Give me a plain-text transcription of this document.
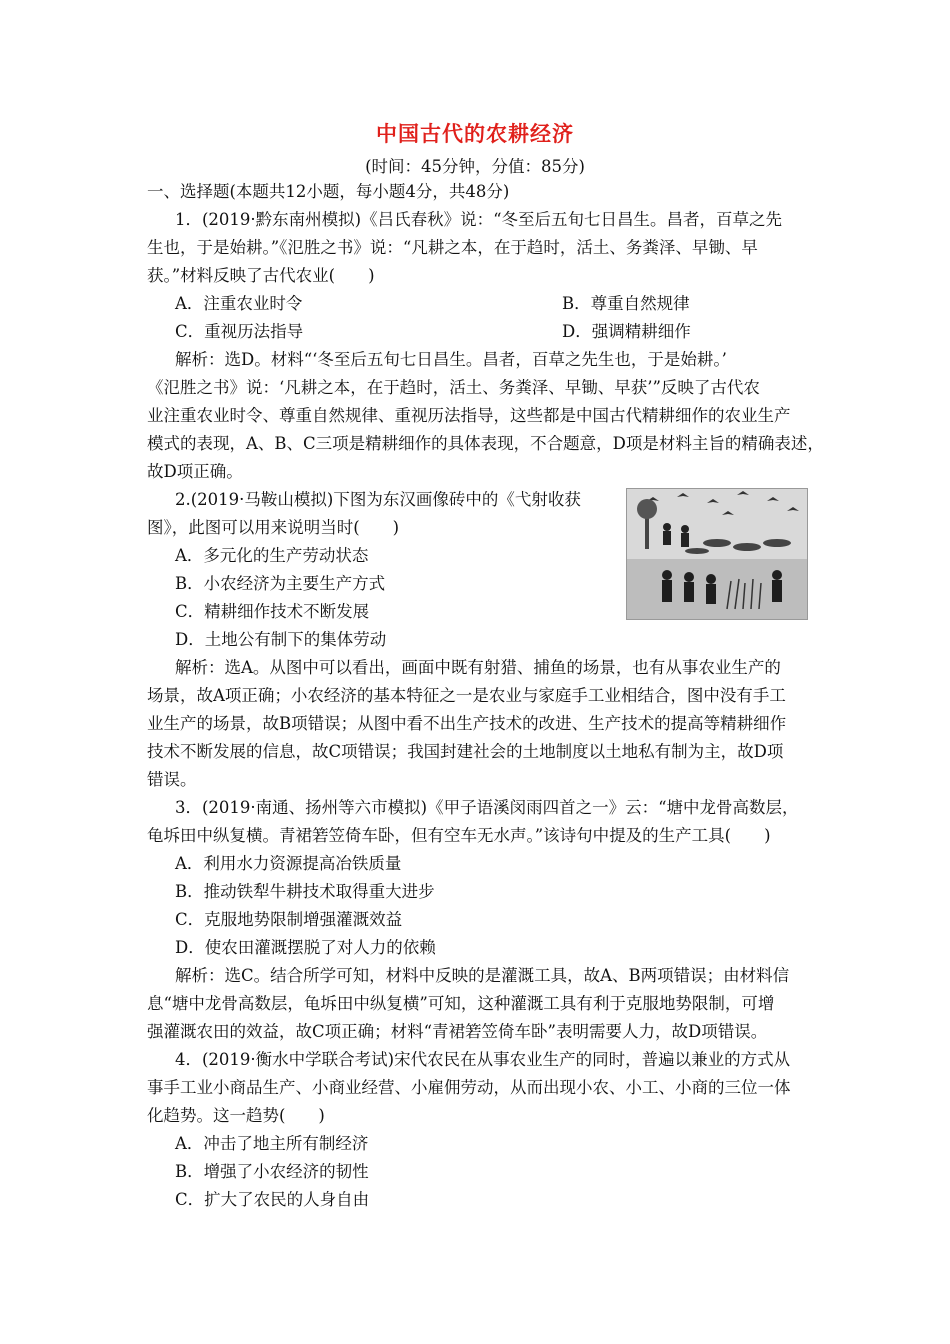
中国古代的农耕经济
(时间：45分钟，分值：85分)
一、选择题(本题共12小题，每小题4分，共48分)
1．(2019·黔东南州模拟)《吕氏春秋》说：“冬至后五旬七日昌生。昌者，百草之先
生也，于是始耕。”《氾胜之书》说：“凡耕之本，在于趋时，活土、务粪泽、早锄、早
获。”材料反映了古代农业(　　)
A．注重农业时令	B．尊重自然规律
C．重视历法指导	D．强调精耕细作
解析：选D。材料“‘冬至后五旬七日昌生。昌者，百草之先生也，于是始耕。’
《氾胜之书》说：‘凡耕之本，在于趋时，活土、务粪泽、早锄、早获’”反映了古代农
业注重农业时令、尊重自然规律、重视历法指导，这些都是中国古代精耕细作的农业生产
模式的表现，A、B、C三项是精耕细作的具体表现，不合题意，D项是材料主旨的精确表述，
故D项正确。
2.(2019·马鞍山模拟)下图为东汉画像砖中的《弋射收获
图》，此图可以用来说明当时(　　)
A．多元化的生产劳动状态
B．小农经济为主要生产方式
C．精耕细作技术不断发展
D．土地公有制下的集体劳动
解析：选A。从图中可以看出，画面中既有射猎、捕鱼的场景，也有从事农业生产的
场景，故A项正确；小农经济的基本特征之一是农业与家庭手工业相结合，图中没有手工
业生产的场景，故B项错误；从图中看不出生产技术的改进、生产技术的提高等精耕细作
技术不断发展的信息，故C项错误；我国封建社会的土地制度以土地私有制为主，故D项
错误。
3．(2019·南通、扬州等六市模拟)《甲子语溪闵雨四首之一》云：“塘中龙骨高数层，
龟坼田中纵复横。青裙箬笠倚车卧，但有空车无水声。”该诗句中提及的生产工具(　　)
A．利用水力资源提高冶铁质量
B．推动铁犁牛耕技术取得重大进步
C．克服地势限制增强灌溉效益
D．使农田灌溉摆脱了对人力的依赖
解析：选C。结合所学可知，材料中反映的是灌溉工具，故A、B两项错误；由材料信
息“塘中龙骨高数层，龟坼田中纵复横”可知，这种灌溉工具有利于克服地势限制，可增
强灌溉农田的效益，故C项正确；材料“青裙箬笠倚车卧”表明需要人力，故D项错误。
4．(2019·衡水中学联合考试)宋代农民在从事农业生产的同时，普遍以兼业的方式从
事手工业小商品生产、小商业经营、小雇佣劳动，从而出现小农、小工、小商的三位一体
化趋势。这一趋势(　　)
A．冲击了地主所有制经济
B．增强了小农经济的韧性
C．扩大了农民的人身自由
